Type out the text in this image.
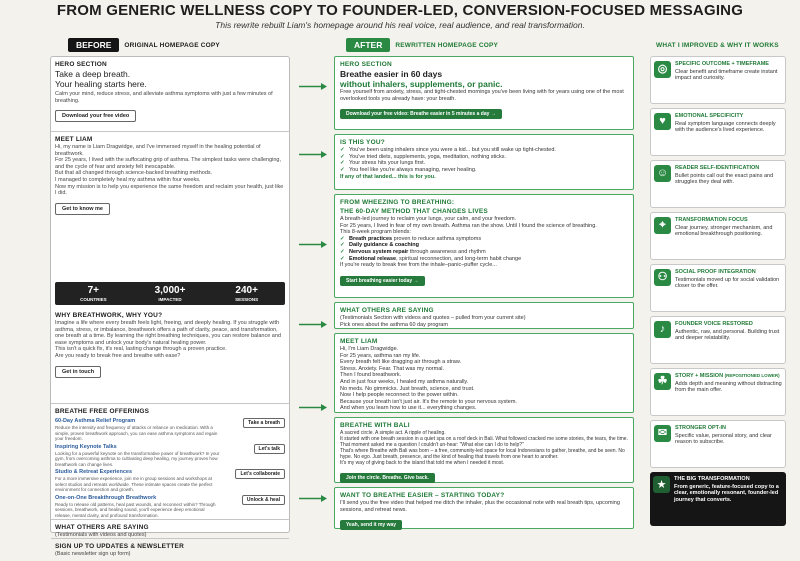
FROM GENERIC WELLNESS COPY TO FOUNDER-LED, CONVERSION-FOCUSED MESSAGING
This rewrite rebuilt Liam's homepage around his real voice, real audience, and real transformation.
BEFORE	ORIGINAL HOMEPAGE COPY	AFTER	REWRITTEN HOMEPAGE COPY	WHAT I IMPROVED & WHY IT WORKS
HERO SECTION
Take a deep breath.
Your healing starts here.
Calm your mind, reduce stress, and alleviate asthma symptoms with just a few minutes of breathing.
Download your free video
MEET LIAM
Hi, my name is Liam Dragwidge, and I've immersed myself in the healing potential of breathwork.
For 25 years, I lived with the suffocating grip of asthma. The simplest tasks were challenging, and the cycle of fear and anxiety felt inescapable.
But that all changed through science-backed breathing methods.
I managed to completely heal my asthma within four weeks.
Now my mission is to help you experience the same freedom and reclaim your health, just like I did.
Get to know me
7+
COUNTRIES
3,000+
IMPACTED
240+
SESSIONS
WHY BREATHWORK, WHY YOU?
Imagine a life where every breath feels light, freeing, and deeply healing. If you struggle with asthma, stress, or imbalance, breathwork offers a path of clarity, peace, and transformation, one breath at a time. By learning the right breathing techniques, you can restore balance and ease symptoms and unlock your body's natural healing power.
This isn't a quick fix, it's real, lasting change through a proven practice.
Are you ready to break free and breathe with ease?
Get in touch
BREATHE FREE OFFERINGS
60-Day Asthma Relief Program
Reduce the intensity and frequency of attacks or reliance on medication. With a simple, proven breathwork approach, you can ease asthma symptoms and regain your freedom.
Take a breath
Inspiring Keynote Talks
Looking for a powerful keynote on the transformative power of breathwork? In your gym, from overcoming asthma to cultivating deep healing, my journey proves how breathwork can change lives.
Let's talk
Studio & Retreat Experiences
For a more immersive experience, join me in group sessions and workshops at select studios and retreats worldwide. These intimate spaces create the perfect environment for connection and growth.
Let's collaborate
One-on-One Breakthrough Breathwork
Ready to release old patterns, heal past wounds, and reconnect within? Through sessions, breathwork, and healing sound, you'll experience deep emotional release, mental clarity, and profound transformation.
Unlock & heal
WHAT OTHERS ARE SAYING
(Testimonials with videos and quotes)
SIGN UP TO UPDATES & NEWSLETTER
(Basic newsletter sign up form)
HERO SECTION
Breathe easier in 60 days
without inhalers, supplements, or panic.
Free yourself from anxiety, stress, and tight-chested mornings you've been living with for years using one of the most overlooked tools you already have: your breath.
Download your free video: Breathe easier in 5 minutes a day →
IS THIS YOU?
✓ You've been using inhalers since you were a kid... but you still wake up tight-chested.
✓ You've tried diets, supplements, yoga, meditation, nothing sticks.
✓ Your stress hits your lungs first.
✓ You feel like you're always managing, never healing.
If any of that landed... this is for you.
FROM WHEEZING TO BREATHING:
THE 60-DAY METHOD THAT CHANGES LIVES
A breath-led journey to reclaim your lungs, your calm, and your freedom.
For 25 years, I lived in fear of my own breath. Asthma ran the show. Until I found the science of breathing.
This 8-week program blends:
✓ Breath practices proven to reduce asthma symptoms
✓ Daily guidance & coaching
✓ Nervous system repair through awareness and rhythm
✓ Emotional release, spiritual reconnection, and long-term habit change
If you're ready to break free from the inhale–panic–puffer cycle...
Start breathing easier today →
WHAT OTHERS ARE SAYING
(Testimonials Section with videos and quotes – pulled from your current site)
Pick ones about the asthma 60 day program
MEET LIAM
Hi, I'm Liam Dragwidge.
For 25 years, asthma ran my life.
Every breath felt like dragging air through a straw.
Stress. Anxiety. Fear. That was my normal.
Then I found breathwork.
And in just four weeks, I healed my asthma naturally.
No meds. No gimmicks. Just breath, science, and trust.
Now I help people reconnect to the power within.
Because your breath isn't just air. It's the remote to your nervous system.
And when you learn how to use it... everything changes.
BREATHE WITH BALI
A sacred circle. A simple act. A ripple of healing.
It started with one breath session in a quiet spa on a roof deck in Bali. What followed cracked me some stories, the tears, the time.
That moment asked me a question I couldn't un-hear: "What else can I do to help?"
That's where Breathe with Bali was born – a free, community-led space for local Indonesians to gather, breathe, and be seen. No hype. No ego. Just breath, presence, and the kind of healing that travels from one heart to another.
It's my way of giving back to the island that told me when I needed it most.
Join the circle. Breathe. Give back.
WANT TO BREATHE EASIER – STARTING TODAY?
I'll send you the free video that helped me ditch the inhaler, plus the occasional note with real breath tips, upcoming sessions, and retreat news.
Yeah, send it my way
◎	SPECIFIC OUTCOME + TIMEFRAME
Clear benefit and timeframe create instant impact and curiosity.
♥	EMOTIONAL SPECIFICITY
Real symptom language connects deeply with the audience's lived experience.
☺	READER SELF-IDENTIFICATION
Bullet points call out the exact pains and struggles they deal with.
⌖	TRANSFORMATION FOCUS
Clear journey, stronger mechanism, and emotional breakthrough positioning.
⚇	SOCIAL PROOF INTEGRATION
Testimonials moved up for social validation closer to the offer.
♪	FOUNDER VOICE RESTORED
Authentic, raw, and personal. Building trust and deeper relatability.
☘	STORY + MISSION (REPOSITIONED LOWER)
Adds depth and meaning without distracting from the main offer.
✉	STRONGER OPT-IN
Specific value, personal story, and clear reason to subscribe.
★	THE BIG TRANSFORMATION
From generic, feature-focused copy to a clear, emotionally resonant, founder-led journey that converts.
